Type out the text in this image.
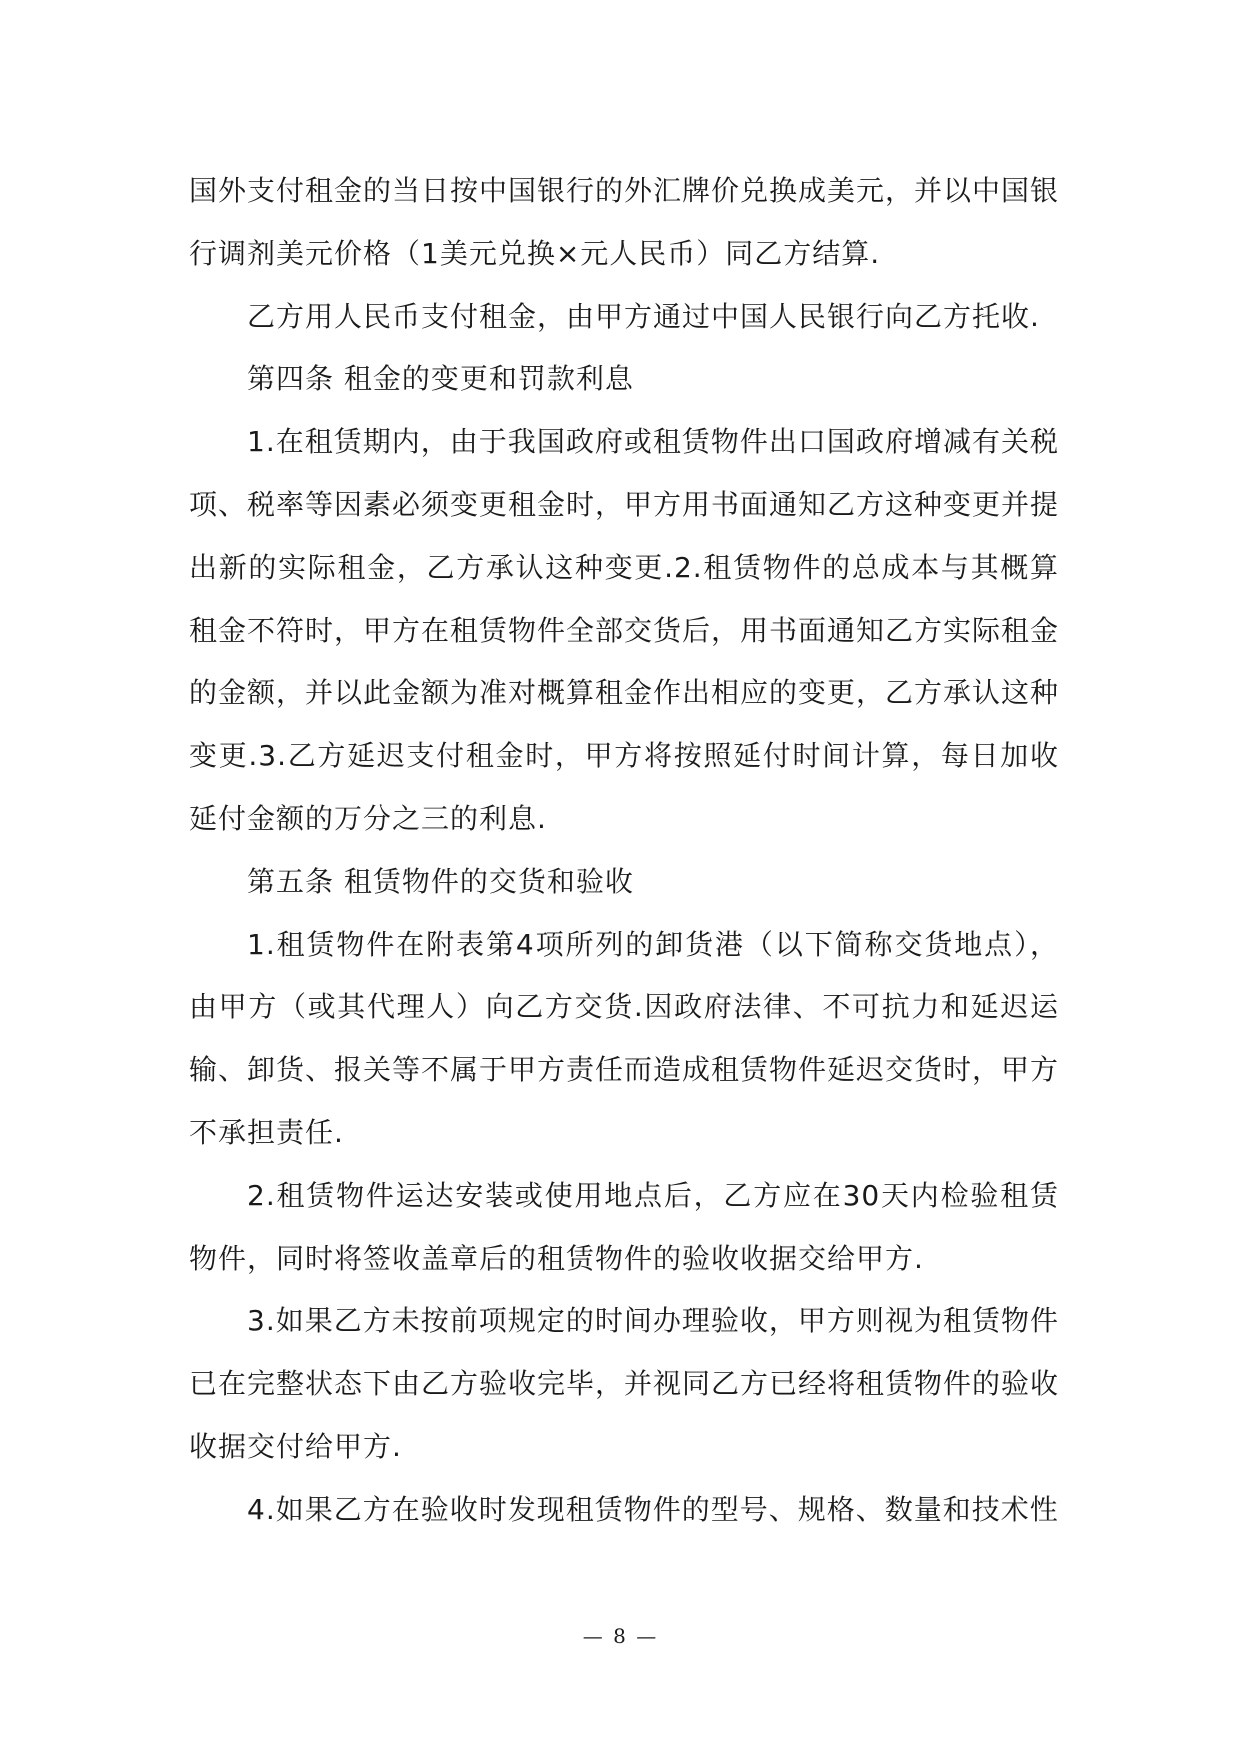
国外支付租金的当日按中国银行的外汇牌价兑换成美元，并以中国银行调剂美元价格（1美元兑换×元人民币）同乙方结算.

乙方用人民币支付租金，由甲方通过中国人民银行向乙方托收.

第四条 租金的变更和罚款利息

1.在租赁期内，由于我国政府或租赁物件出口国政府增减有关税项、税率等因素必须变更租金时，甲方用书面通知乙方这种变更并提出新的实际租金，乙方承认这种变更.2.租赁物件的总成本与其概算租金不符时，甲方在租赁物件全部交货后，用书面通知乙方实际租金的金额，并以此金额为准对概算租金作出相应的变更，乙方承认这种变更.3.乙方延迟支付租金时，甲方将按照延付时间计算，每日加收延付金额的万分之三的利息.

第五条 租赁物件的交货和验收

1.租赁物件在附表第4项所列的卸货港（以下简称交货地点），由甲方（或其代理人）向乙方交货.因政府法律、不可抗力和延迟运输、卸货、报关等不属于甲方责任而造成租赁物件延迟交货时，甲方不承担责任.

2.租赁物件运达安装或使用地点后，乙方应在30天内检验租赁物件，同时将签收盖章后的租赁物件的验收收据交给甲方.

3.如果乙方未按前项规定的时间办理验收，甲方则视为租赁物件已在完整状态下由乙方验收完毕，并视同乙方已经将租赁物件的验收收据交付给甲方.

4.如果乙方在验收时发现租赁物件的型号、规格、数量和技术性

— 8 —
